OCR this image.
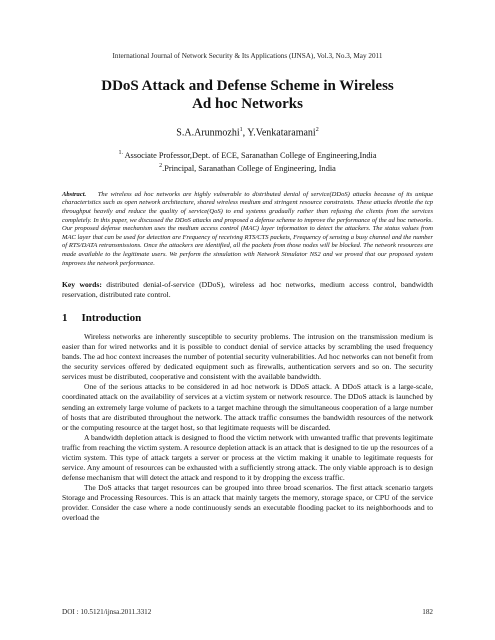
International Journal of Network Security & Its Applications (IJNSA), Vol.3, No.3, May 2011
DDoS Attack and Defense Scheme in Wireless Ad hoc Networks
S.A.Arunmozhi$^1$, Y.Venkataramani$^2$
$^{1.}$ Associate Professor,Dept. of ECE, Saranathan College of Engineering,India
$^2$.Principal, Saranathan College of Engineering, India
Abstract. The wireless ad hoc networks are highly vulnerable to distributed denial of service(DDoS) attacks because of its unique characteristics such as open network architecture, shared wireless medium and stringent resource constraints. These attacks throttle the tcp throughput heavily and reduce the quality of service(QoS) to end systems gradually rather than refusing the clients from the services completely. In this paper, we discussed the DDoS attacks and proposed a defense scheme to improve the performance of the ad hoc networks. Our proposed defense mechanism uses the medium access control (MAC) layer information to detect the attackers. The status values from MAC layer that can be used for detection are Frequency of receiving RTS/CTS packets, Frequency of sensing a busy channel and the number of RTS/DATA retransmissions. Once the attackers are identified, all the packets from those nodes will be blocked. The network resources are made available to the legitimate users. We perform the simulation with Network Simulator NS2 and we proved that our proposed system improves the network performance.
Key words: distributed denial-of-service (DDoS), wireless ad hoc networks, medium access control, bandwidth reservation, distributed rate control.
1 Introduction

Wireless networks are inherently susceptible to security problems. The intrusion on the transmission medium is easier than for wired networks and it is possible to conduct denial of service attacks by scrambling the used frequency bands. The ad hoc context increases the number of potential security vulnerabilities. Ad hoc networks can not benefit from the security services offered by dedicated equipment such as firewalls, authentication servers and so on. The security services must be distributed, cooperative and consistent with the available bandwidth.

One of the serious attacks to be considered in ad hoc network is DDoS attack. A DDoS attack is a large-scale, coordinated attack on the availability of services at a victim system or network resource. The DDoS attack is launched by sending an extremely large volume of packets to a target machine through the simultaneous cooperation of a large number of hosts that are distributed throughout the network. The attack traffic consumes the bandwidth resources of the network or the computing resource at the target host, so that legitimate requests will be discarded.

A bandwidth depletion attack is designed to flood the victim network with unwanted traffic that prevents legitimate traffic from reaching the victim system. A resource depletion attack is an attack that is designed to tie up the resources of a victim system. This type of attack targets a server or process at the victim making it unable to legitimate requests for service. Any amount of resources can be exhausted with a sufficiently strong attack. The only viable approach is to design defense mechanism that will detect the attack and respond to it by dropping the excess traffic.

The DoS attacks that target resources can be grouped into three broad scenarios. The first attack scenario targets Storage and Processing Resources. This is an attack that mainly targets the memory, storage space, or CPU of the service provider. Consider the case where a node continuously sends an executable flooding packet to its neighborhoods and to overload the

DOI : 10.5121/ijnsa.2011.3312	182
